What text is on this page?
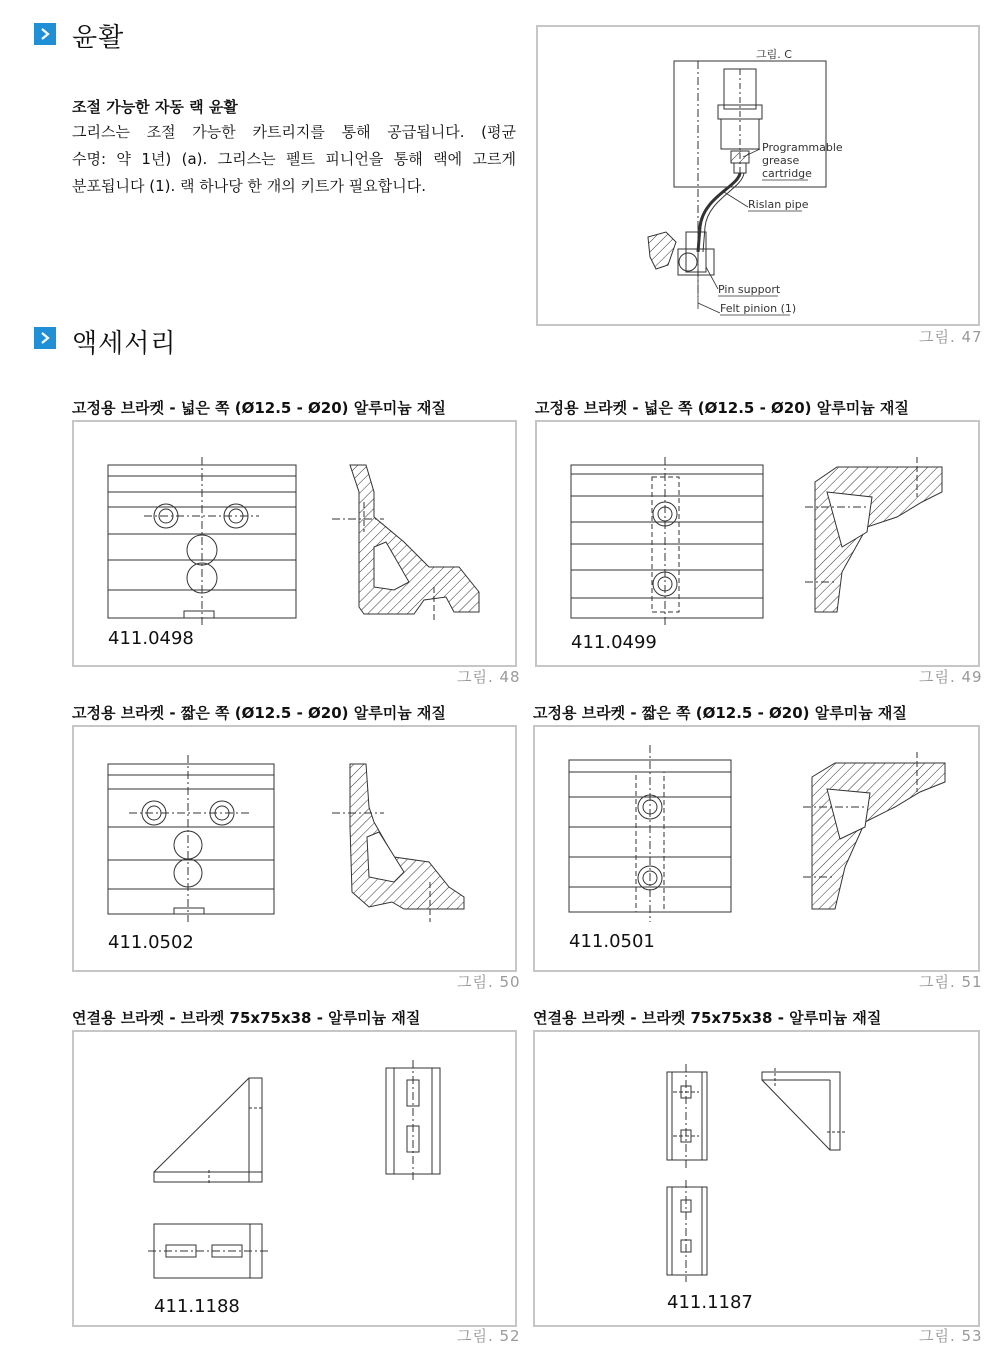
윤활
조절 가능한 자동 랙 윤활
그리스는 조절 가능한 카트리지를 통해 공급됩니다. (평균
수명: 약 1년) (a). 그리스는 펠트 피니언을 통해 랙에 고르게
분포됩니다 (1). 랙 하나당 한 개의 키트가 필요합니다.
그림. C
Programmable
grease
cartridge
Rislan pipe
Pin support
Felt pinion (1)
그림. 47
액세서리
고정용 브라켓 - 넓은 쪽 (Ø12.5 - Ø20) 알루미늄 재질
411.0498
그림. 48
고정용 브라켓 - 넓은 쪽 (Ø12.5 - Ø20) 알루미늄 재질
411.0499
그림. 49
고정용 브라켓 - 짧은 쪽 (Ø12.5 - Ø20) 알루미늄 재질
411.0502
그림. 50
고정용 브라켓 - 짧은 쪽 (Ø12.5 - Ø20) 알루미늄 재질
411.0501
그림. 51
연결용 브라켓 - 브라켓 75x75x38 - 알루미늄 재질
411.1188
그림. 52
연결용 브라켓 - 브라켓 75x75x38 - 알루미늄 재질
411.1187
그림. 53
